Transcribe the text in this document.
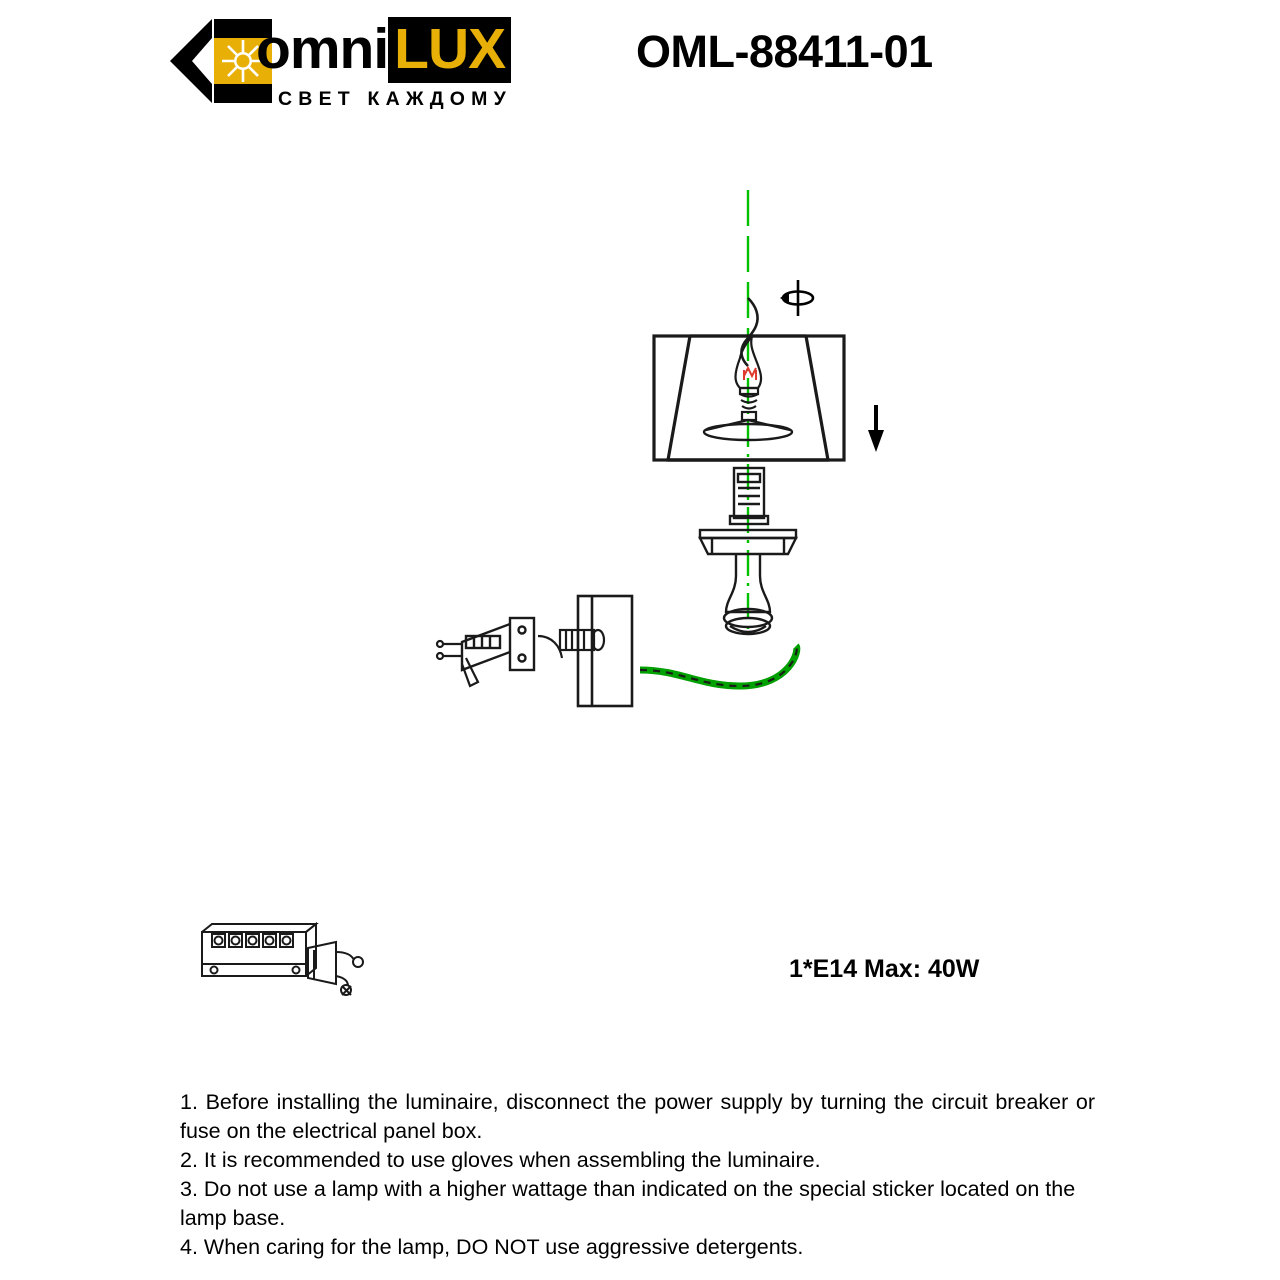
omni LUX
СВЕТ КАЖДОМУ
OML-88411-01
1*E14 Max: 40W

1. Before installing the luminaire, disconnect the power supply by turning the circuit breaker or fuse on the electrical panel box.

2. It is recommended to use gloves when assembling the luminaire.

3. Do not use a lamp with a higher wattage than indicated on the special sticker located on the lamp base.

4. When caring for the lamp, DO NOT use aggressive detergents.
